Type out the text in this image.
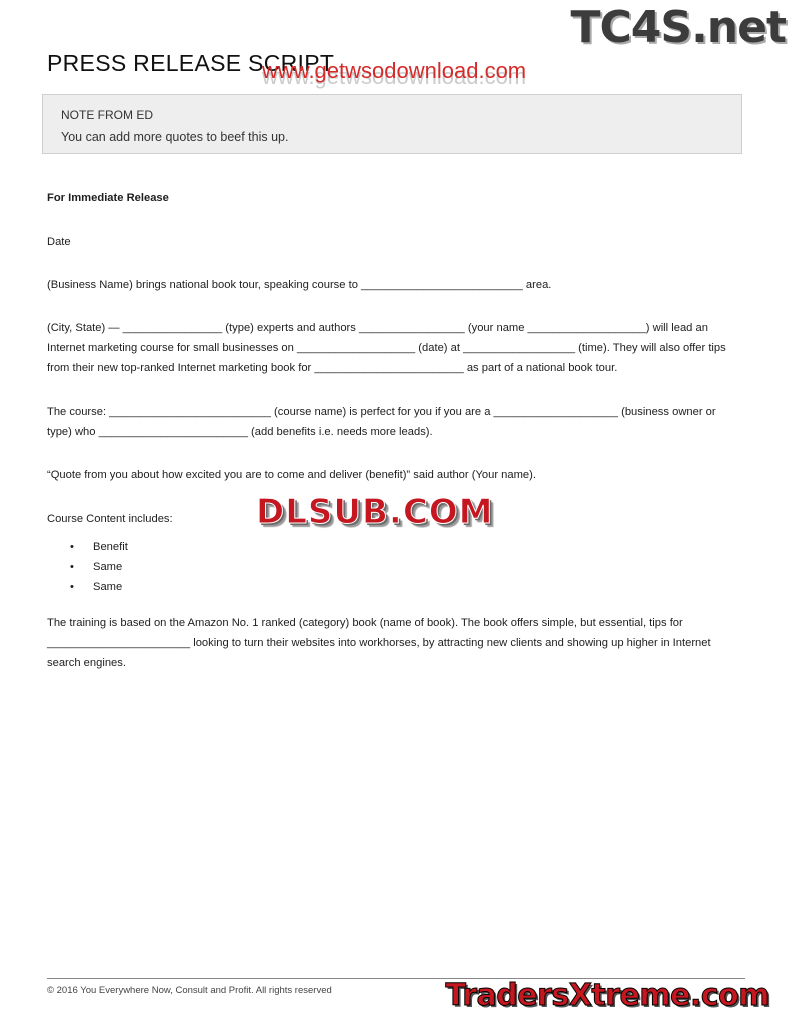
PRESS RELEASE SCRIPT
www.getwsodownload.com
TC4S.net
NOTE FROM ED
You can add more quotes to beef this up.
For Immediate Release
Date
(Business Name) brings national book tour, speaking course to __________________________ area.
(City, State) — ________________ (type) experts and authors _________________ (your name ___________________) will lead an
Internet marketing course for small businesses on ___________________ (date) at __________________ (time). They will also offer tips
from their new top-ranked Internet marketing book for ________________________ as part of a national book tour.
The course: __________________________ (course name) is perfect for you if you are a ____________________ (business owner or
type) who ________________________ (add benefits i.e. needs more leads).
“Quote from you about how excited you are to come and deliver (benefit)” said author (Your name).
Course Content includes:	DLSUB.COM
• Benefit
• Same
• Same
The training is based on the Amazon No. 1 ranked (category) book (name of book). The book offers simple, but essential, tips for
_______________________ looking to turn their websites into workhorses, by attracting new clients and showing up higher in Internet
search engines.
© 2016 You Everywhere Now, Consult and Profit. All rights reserved	TradersXtreme.com
